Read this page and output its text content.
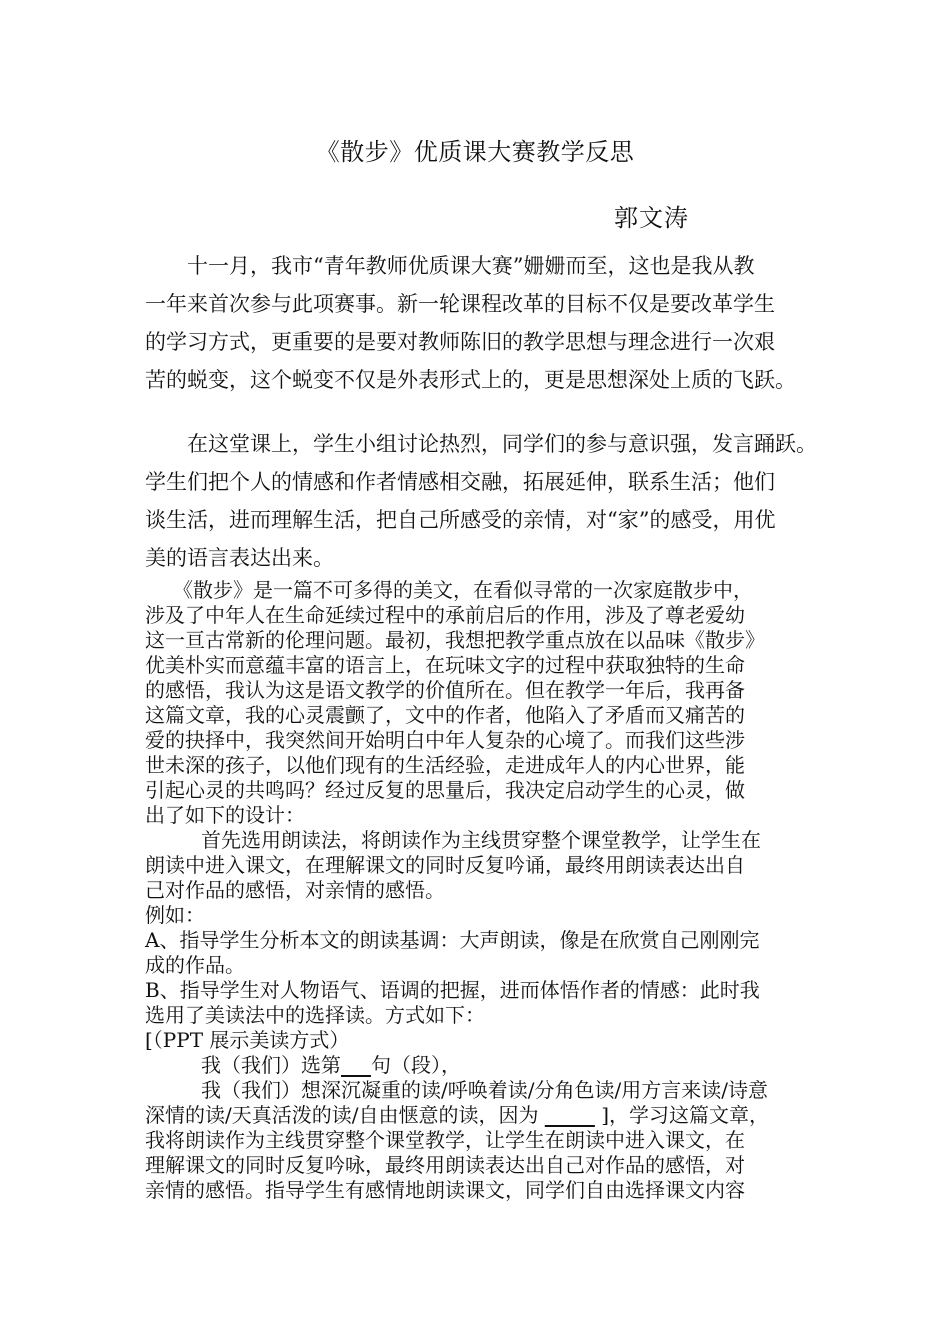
《散步》优质课大赛教学反思
郭文涛
十一月，我市“青年教师优质课大赛”姗姗而至，这也是我从教
一年来首次参与此项赛事。新一轮课程改革的目标不仅是要改革学生
的学习方式，更重要的是要对教师陈旧的教学思想与理念进行一次艰
苦的蜕变，这个蜕变不仅是外表形式上的，更是思想深处上质的飞跃。
在这堂课上，学生小组讨论热烈，同学们的参与意识强，发言踊跃。
学生们把个人的情感和作者情感相交融，拓展延伸，联系生活；他们
谈生活，进而理解生活，把自己所感受的亲情，对“家”的感受，用优
美的语言表达出来。
《散步》是一篇不可多得的美文，在看似寻常的一次家庭散步中，
涉及了中年人在生命延续过程中的承前启后的作用，涉及了尊老爱幼
这一亘古常新的伦理问题。最初，我想把教学重点放在以品味《散步》
优美朴实而意蕴丰富的语言上，在玩味文字的过程中获取独特的生命
的感悟，我认为这是语文教学的价值所在。但在教学一年后，我再备
这篇文章，我的心灵震颤了，文中的作者，他陷入了矛盾而又痛苦的
爱的抉择中，我突然间开始明白中年人复杂的心境了。而我们这些涉
世未深的孩子，以他们现有的生活经验，走进成年人的内心世界，能
引起心灵的共鸣吗？经过反复的思量后，我决定启动学生的心灵，做
出了如下的设计：
首先选用朗读法，将朗读作为主线贯穿整个课堂教学，让学生在
朗读中进入课文，在理解课文的同时反复吟诵，最终用朗读表达出自
己对作品的感悟，对亲情的感悟。
例如：
A、指导学生分析本文的朗读基调：大声朗读，像是在欣赏自己刚刚完
成的作品。
B、指导学生对人物语气、语调的把握，进而体悟作者的情感：此时我
选用了美读法中的选择读。方式如下：
[（PPT 展示美读方式）
我（我们）选第___句（段），
我（我们）想深沉凝重的读/呼唤着读/分角色读/用方言来读/诗意
深情的读/天真活泼的读/自由惬意的读，因为 _____ ]，学习这篇文章，
我将朗读作为主线贯穿整个课堂教学，让学生在朗读中进入课文，在
理解课文的同时反复吟咏，最终用朗读表达出自己对作品的感悟，对
亲情的感悟。指导学生有感情地朗读课文，同学们自由选择课文内容
